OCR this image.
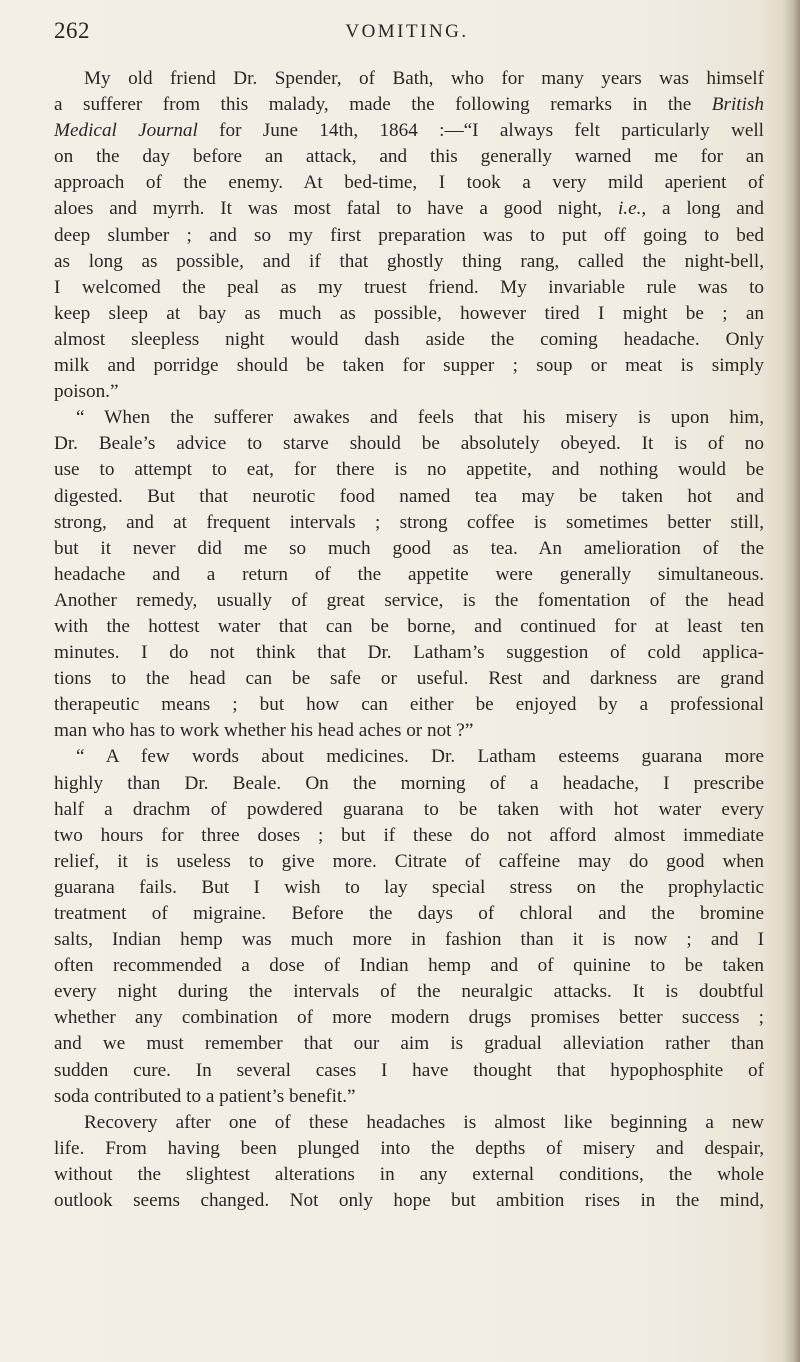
262	VOMITING.
My old friend Dr. Spender, of Bath, who for many years was himself
a sufferer from this malady, made the following remarks in the British
Medical Journal for June 14th, 1864 :—“I always felt particularly well
on the day before an attack, and this generally warned me for an
approach of the enemy. At bed-time, I took a very mild aperient of
aloes and myrrh. It was most fatal to have a good night, i.e., a long and
deep slumber ; and so my first preparation was to put off going to bed
as long as possible, and if that ghostly thing rang, called the night-bell,
I welcomed the peal as my truest friend. My invariable rule was to
keep sleep at bay as much as possible, however tired I might be ; an
almost sleepless night would dash aside the coming headache. Only
milk and porridge should be taken for supper ; soup or meat is simply
poison.”
“ When the sufferer awakes and feels that his misery is upon him,
Dr. Beale’s advice to starve should be absolutely obeyed. It is of no
use to attempt to eat, for there is no appetite, and nothing would be
digested. But that neurotic food named tea may be taken hot and
strong, and at frequent intervals ; strong coffee is sometimes better still,
but it never did me so much good as tea. An amelioration of the
headache and a return of the appetite were generally simultaneous.
Another remedy, usually of great service, is the fomentation of the head
with the hottest water that can be borne, and continued for at least ten
minutes. I do not think that Dr. Latham’s suggestion of cold applica-
tions to the head can be safe or useful. Rest and darkness are grand
therapeutic means ; but how can either be enjoyed by a professional
man who has to work whether his head aches or not ?”
“ A few words about medicines. Dr. Latham esteems guarana more
highly than Dr. Beale. On the morning of a headache, I prescribe
half a drachm of powdered guarana to be taken with hot water every
two hours for three doses ; but if these do not afford almost immediate
relief, it is useless to give more. Citrate of caffeine may do good when
guarana fails. But I wish to lay special stress on the prophylactic
treatment of migraine. Before the days of chloral and the bromine
salts, Indian hemp was much more in fashion than it is now ; and I
often recommended a dose of Indian hemp and of quinine to be taken
every night during the intervals of the neuralgic attacks. It is doubtful
whether any combination of more modern drugs promises better success ;
and we must remember that our aim is gradual alleviation rather than
sudden cure. In several cases I have thought that hypophosphite of
soda contributed to a patient’s benefit.”
Recovery after one of these headaches is almost like beginning a new
life. From having been plunged into the depths of misery and despair,
without the slightest alterations in any external conditions, the whole
outlook seems changed. Not only hope but ambition rises in the mind,
